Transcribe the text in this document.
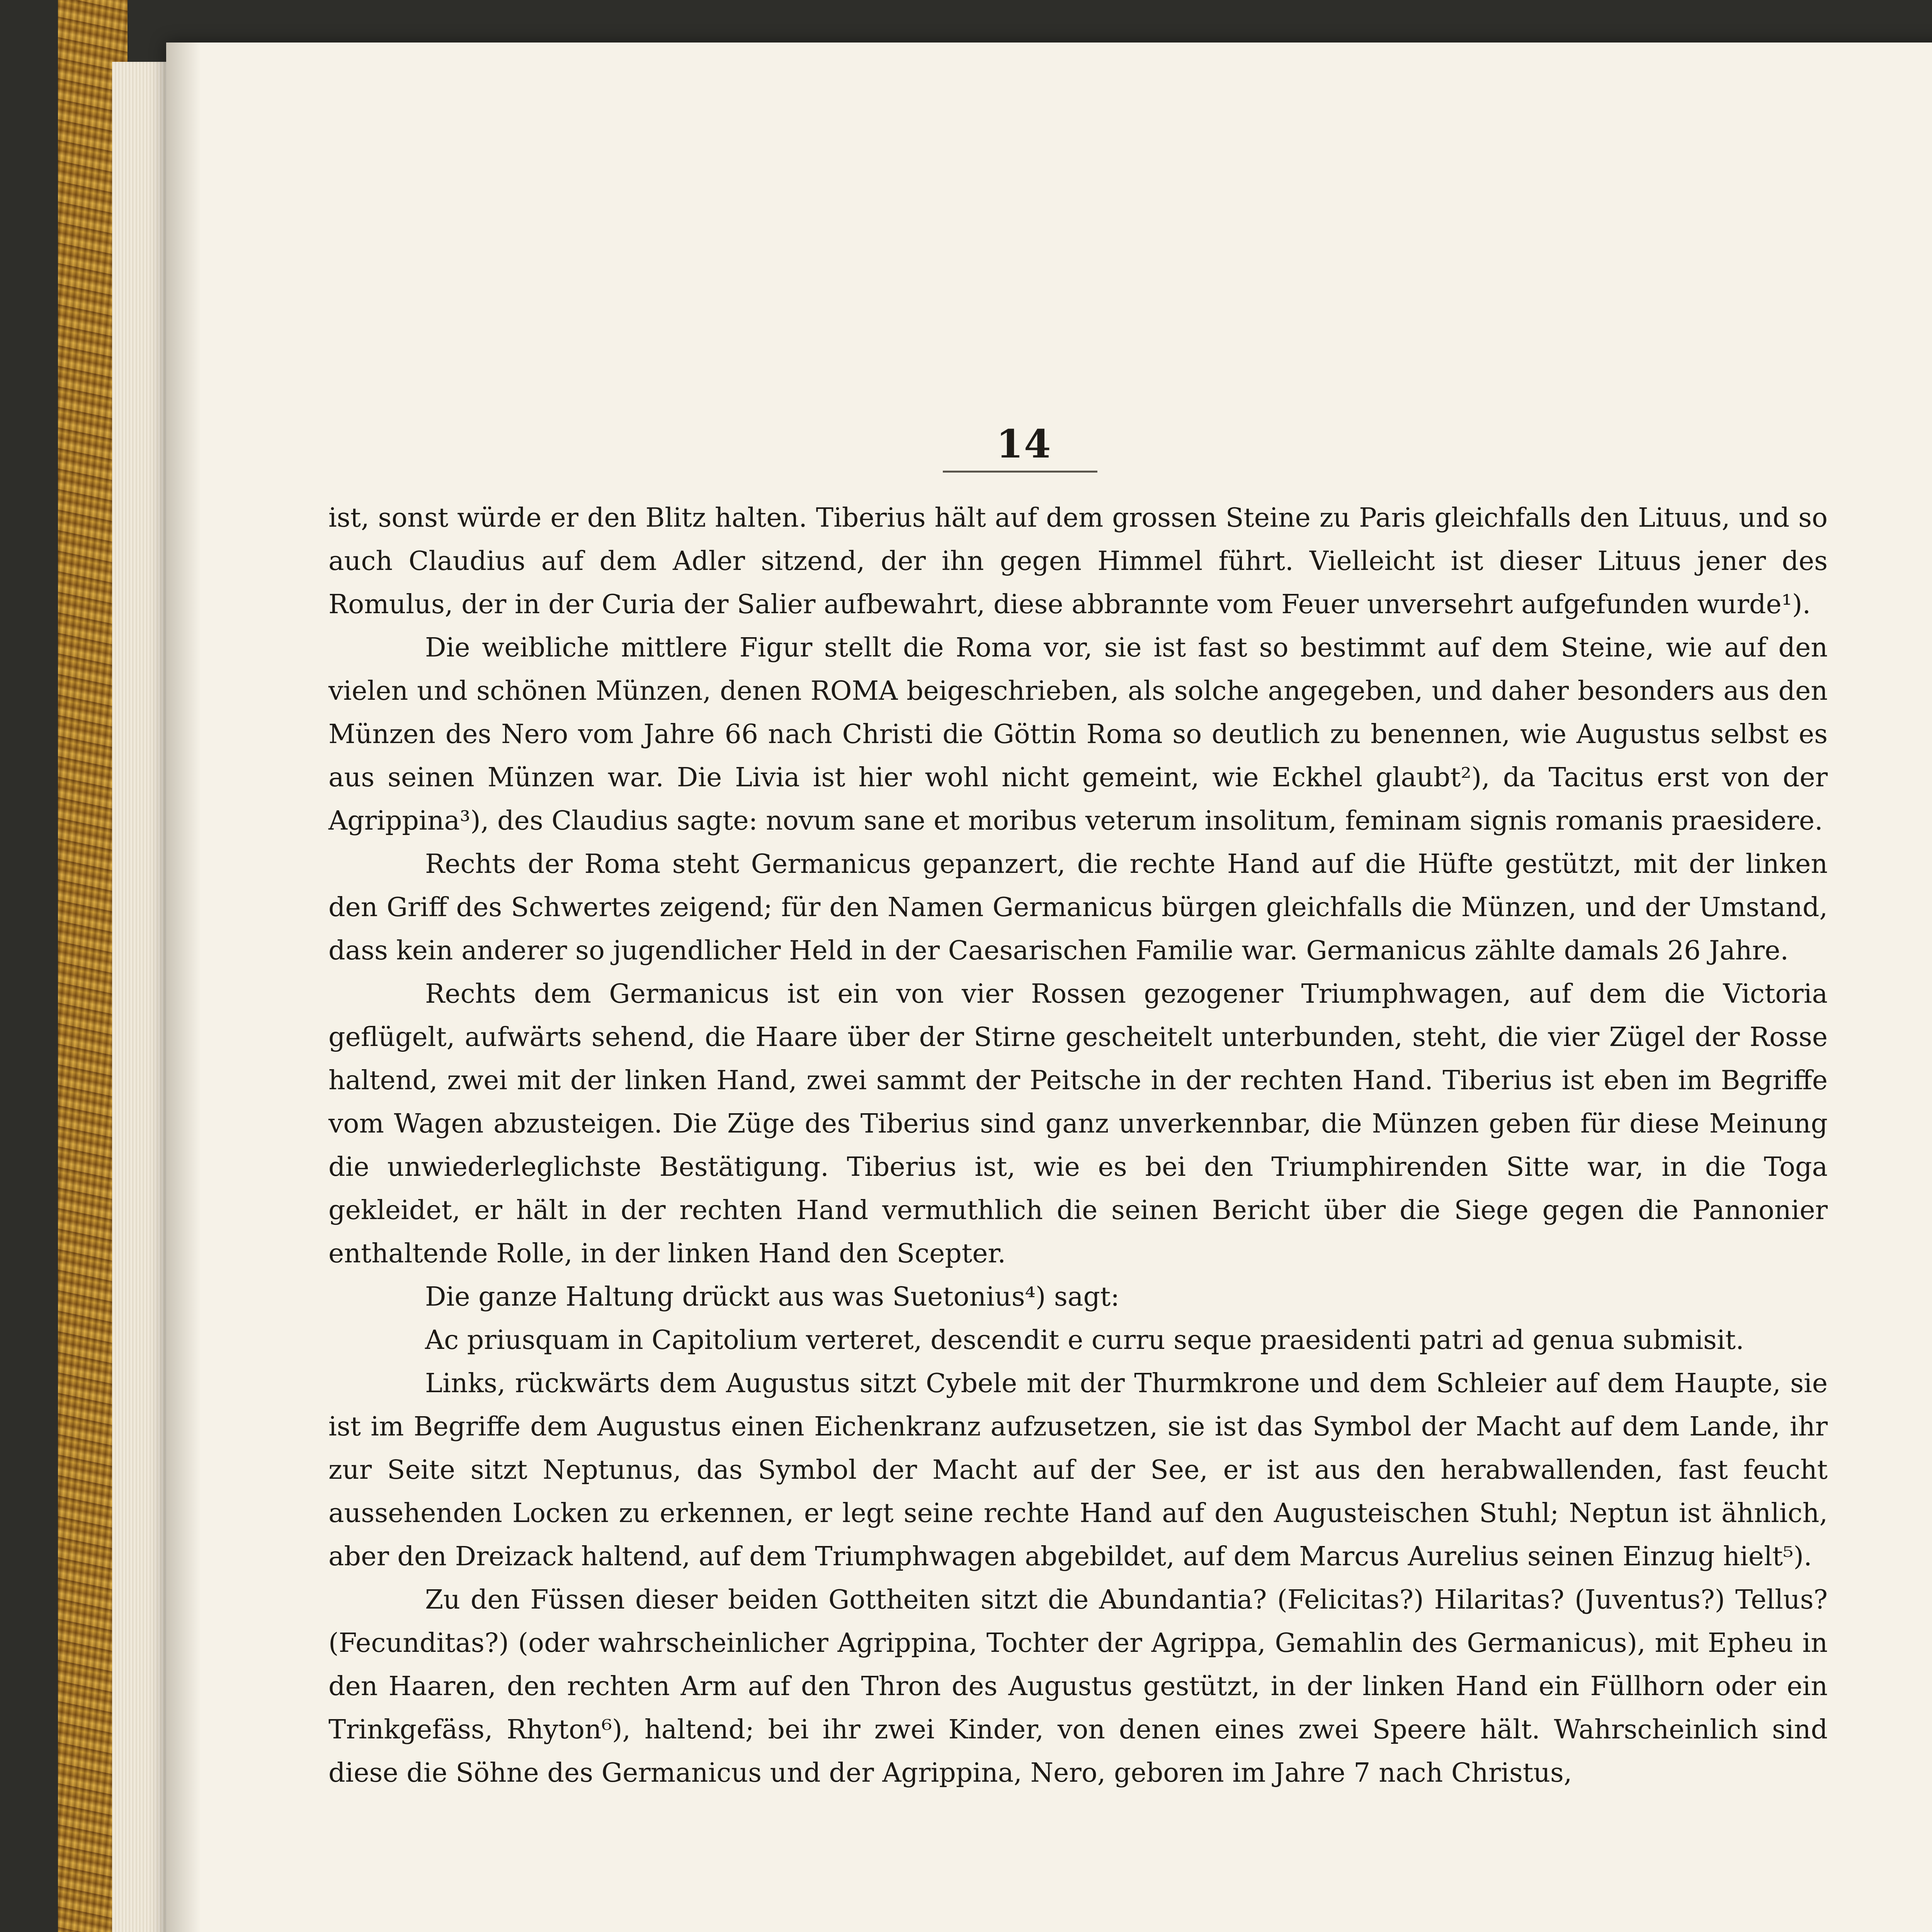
14

ist, sonst würde er den Blitz halten. Tiberius hält auf dem grossen Steine zu Paris gleichfalls den Lituus, und so auch Claudius auf dem Adler sitzend, der ihn gegen Himmel führt. Vielleicht ist dieser Lituus jener des Romulus, der in der Curia der Salier aufbewahrt, diese abbrannte vom Feuer unversehrt aufgefunden wurde¹).

Die weibliche mittlere Figur stellt die Roma vor, sie ist fast so bestimmt auf dem Steine, wie auf den vielen und schönen Münzen, denen ROMA beigeschrieben, als solche angegeben, und daher besonders aus den Münzen des Nero vom Jahre 66 nach Christi die Göttin Roma so deutlich zu benennen, wie Augustus selbst es aus seinen Münzen war. Die Livia ist hier wohl nicht gemeint, wie Eckhel glaubt²), da Tacitus erst von der Agrippina³), des Claudius sagte: novum sane et moribus veterum insolitum, feminam signis romanis praesidere.

Rechts der Roma steht Germanicus gepanzert, die rechte Hand auf die Hüfte gestützt, mit der linken den Griff des Schwertes zeigend; für den Namen Germanicus bürgen gleichfalls die Münzen, und der Umstand, dass kein anderer so jugendlicher Held in der Caesarischen Familie war. Germanicus zählte damals 26 Jahre.

Rechts dem Germanicus ist ein von vier Rossen gezogener Triumphwagen, auf dem die Victoria geflügelt, aufwärts sehend, die Haare über der Stirne gescheitelt unterbunden, steht, die vier Zügel der Rosse haltend, zwei mit der linken Hand, zwei sammt der Peitsche in der rechten Hand. Tiberius ist eben im Begriffe vom Wagen abzusteigen. Die Züge des Tiberius sind ganz unverkennbar, die Münzen geben für diese Meinung die unwiederleglichste Bestätigung. Tiberius ist, wie es bei den Triumphirenden Sitte war, in die Toga gekleidet, er hält in der rechten Hand vermuthlich die seinen Bericht über die Siege gegen die Pannonier enthaltende Rolle, in der linken Hand den Scepter.

Die ganze Haltung drückt aus was Suetonius⁴) sagt:

Ac priusquam in Capitolium verteret, descendit e curru seque praesidenti patri ad genua submisit.

Links, rückwärts dem Augustus sitzt Cybele mit der Thurmkrone und dem Schleier auf dem Haupte, sie ist im Begriffe dem Augustus einen Eichenkranz aufzusetzen, sie ist das Symbol der Macht auf dem Lande, ihr zur Seite sitzt Neptunus, das Symbol der Macht auf der See, er ist aus den herabwallenden, fast feucht aussehenden Locken zu erkennen, er legt seine rechte Hand auf den Augusteischen Stuhl; Neptun ist ähnlich, aber den Dreizack haltend, auf dem Triumphwagen abgebildet, auf dem Marcus Aurelius seinen Einzug hielt⁵).

Zu den Füssen dieser beiden Gottheiten sitzt die Abundantia? (Felicitas?) Hilaritas? (Juventus?) Tellus? (Fecunditas?) (oder wahrscheinlicher Agrippina, Tochter der Agrippa, Gemahlin des Germanicus), mit Epheu in den Haaren, den rechten Arm auf den Thron des Augustus gestützt, in der linken Hand ein Füllhorn oder ein Trinkgefäss, Rhyton⁶), haltend; bei ihr zwei Kinder, von denen eines zwei Speere hält. Wahrscheinlich sind diese die Söhne des Germanicus und der Agrippina, Nero, geboren im Jahre 7 nach Christus,
